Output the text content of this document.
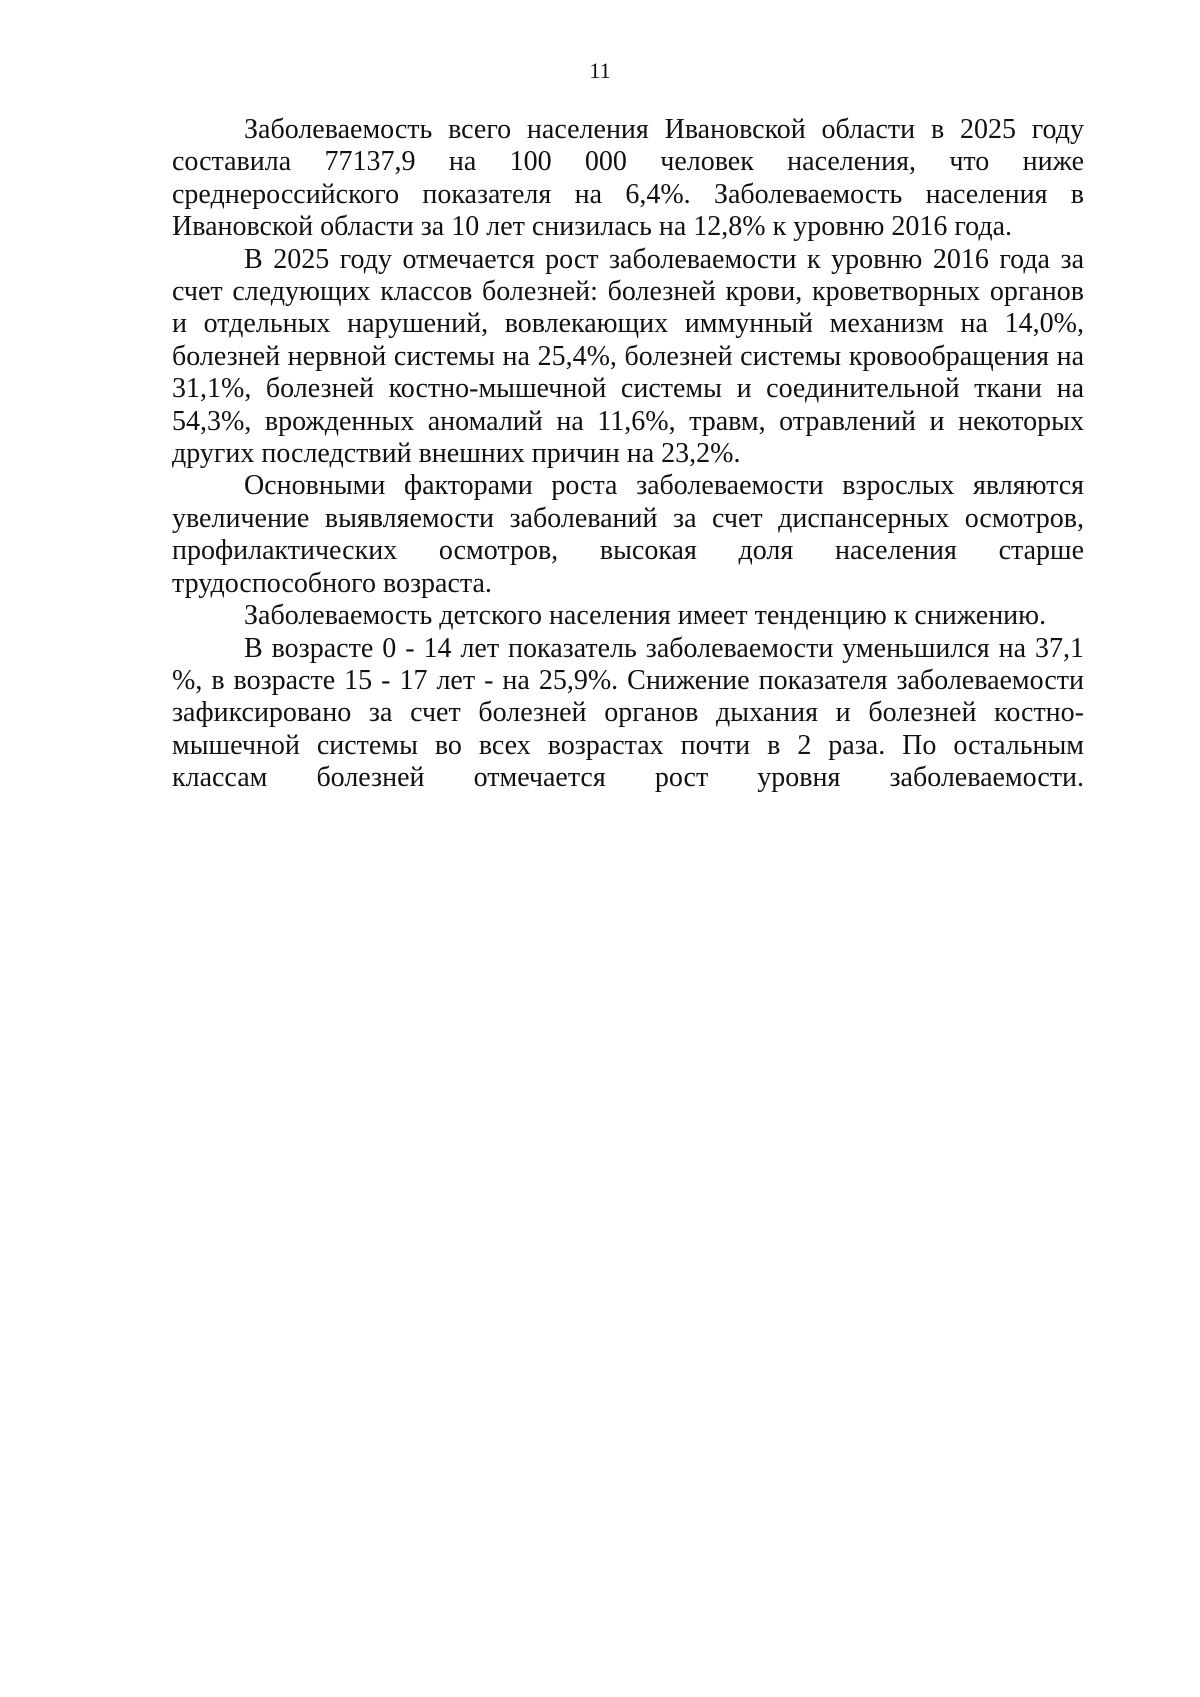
11

Заболеваемость всего населения Ивановской области в 2025 году составила 77137,9 на 100 000 человек населения, что ниже среднероссийского показателя на 6,4%. Заболеваемость населения в Ивановской области за 10 лет снизилась на 12,8% к уровню 2016 года.

В 2025 году отмечается рост заболеваемости к уровню 2016 года за счет следующих классов болезней: болезней крови, кроветворных органов и отдельных нарушений, вовлекающих иммунный механизм на 14,0%, болезней нервной системы на 25,4%, болезней системы кровообращения на 31,1%, болезней костно-мышечной системы и соединительной ткани на 54,3%, врожденных аномалий на 11,6%, травм, отравлений и некоторых других последствий внешних причин на 23,2%.

Основными факторами роста заболеваемости взрослых являются увеличение выявляемости заболеваний за счет диспансерных осмотров, профилактических осмотров, высокая доля населения старше трудоспособного возраста.

Заболеваемость детского населения имеет тенденцию к снижению.

В возрасте 0 - 14 лет показатель заболеваемости уменьшился на 37,1 %, в возрасте 15 - 17 лет - на 25,9%. Снижение показателя заболеваемости зафиксировано за счет болезней органов дыхания и болезней костно-мышечной системы во всех возрастах почти в 2 раза. По остальным классам болезней отмечается рост уровня заболеваемости.
